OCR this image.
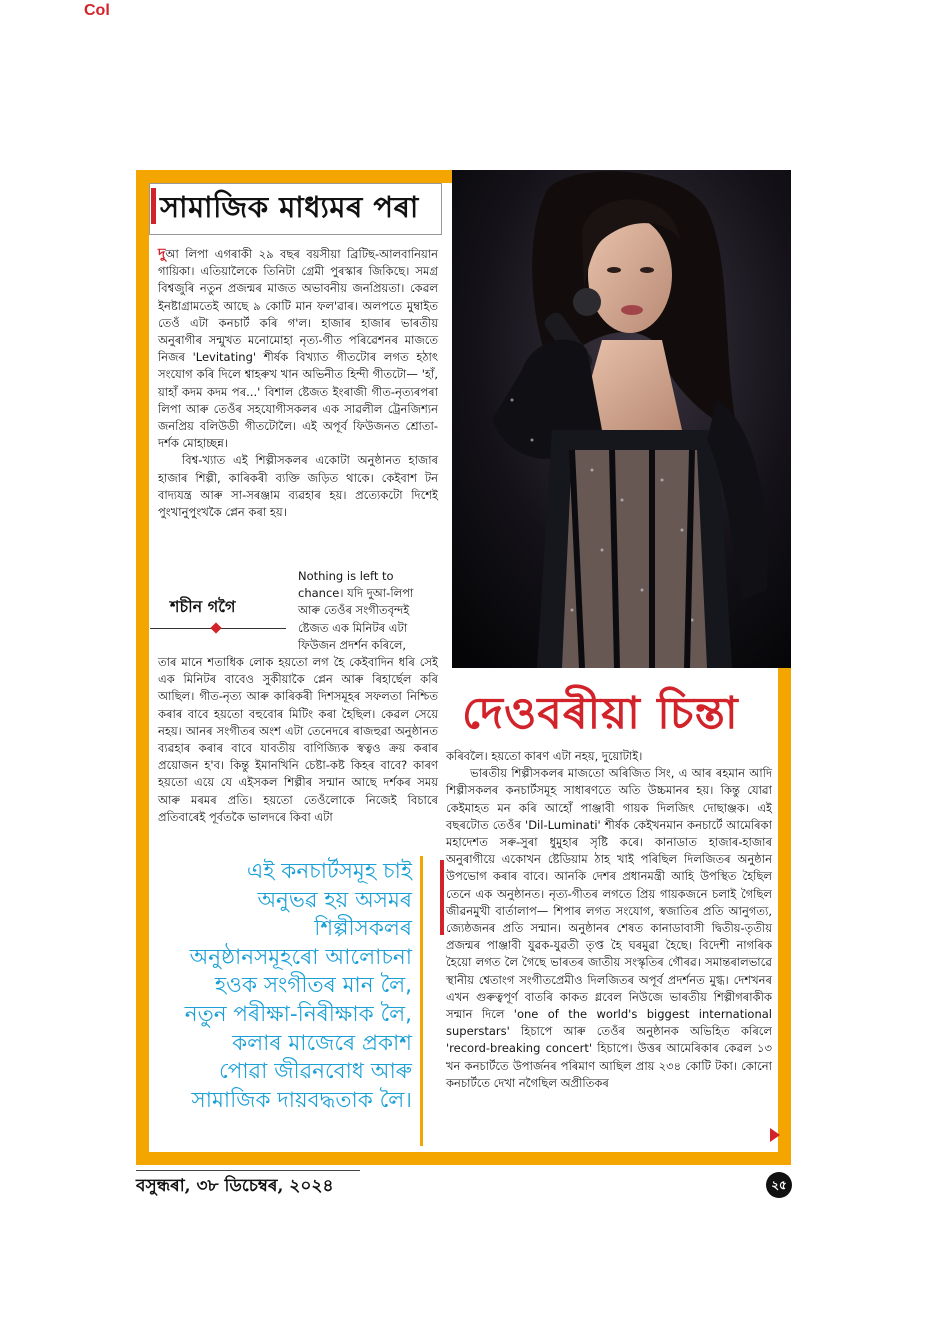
Col
সামাজিক মাধ্যমৰ পৰা

দুআ লিপা এগৰাকী ২৯ বছৰ বয়সীয়া ব্ৰিটিছ-আলবানিয়ান গায়িকা। এতিয়ালৈকে তিনিটা গ্ৰেমী পুৰস্কাৰ জিকিছে। সমগ্ৰ বিশ্বজুৰি নতুন প্ৰজন্মৰ মাজত অভাবনীয় জনপ্ৰিয়তা। কেৱল ইনষ্টাগ্ৰামতেই আছে ৯ কোটি মান ফল'ৱাৰ। অলপতে মুম্বাইত তেওঁ এটা কনচাৰ্ট কৰি গ'ল। হাজাৰ হাজাৰ ভাৰতীয় অনুৰাগীৰ সন্মুখত মনোমোহা নৃত্য-গীত পৰিৱেশনৰ মাজতে নিজৰ 'Levitating' শীৰ্ষক বিখ্যাত গীতটোৰ লগত হঠাৎ সংযোগ কৰি দিলে শ্বাহৰুখ খান অভিনীত হিন্দী গীতটো— 'হাঁ, য়াহাঁ কদম কদম পৰ...' বিশাল ষ্টেজত ইংৰাজী গীত-নৃত্যৰপৰা লিপা আৰু তেওঁৰ সহযোগীসকলৰ এক সাৱলীল ট্ৰেনজিশ্যন জনপ্ৰিয় বলিউডী গীতটোলৈ। এই অপূৰ্ব ফিউজনত শ্ৰোতা-দৰ্শক মোহাচ্ছন্ন।

বিশ্ব-খ্যাত এই শিল্পীসকলৰ একোটা অনুষ্ঠানত হাজাৰ হাজাৰ শিল্পী, কাৰিকৰী ব্যক্তি জড়িত থাকে। কেইবাশ টন বাদ্যযন্ত্ৰ আৰু সা-সৰঞ্জাম ব্যৱহাৰ হয়। প্ৰত্যেকটো দিশেই পুংখানুপুংখকৈ প্লেন কৰা হয়।

Nothing is left to chance। যদি দুআ-লিপা আৰু তেওঁৰ সংগীতবৃন্দই ষ্টেজত এক মিনিটৰ এটা ফিউজন প্ৰদৰ্শন কৰিলে,
শচীন গগৈ
তাৰ মানে শতাধিক লোক হয়তো লগ হৈ কেইবাদিন ধৰি সেই এক মিনিটৰ বাবেও সুকীয়াকৈ প্লেন আৰু ৰিহাৰ্ছেল কৰি আছিল। গীত-নৃত্য আৰু কাৰিকৰী দিশসমূহৰ সফলতা নিশ্চিত কৰাৰ বাবে হয়তো বহুবোৰ মিটিং কৰা হৈছিল। কেৱল সেয়ে নহয়। আনৰ সংগীতৰ অংশ এটা তেনেদৰে ৰাজহুৱা অনুষ্ঠানত ব্যৱহাৰ কৰাৰ বাবে যাবতীয় বাণিজ্যিক স্বত্বও ক্ৰয় কৰাৰ প্ৰয়োজন হ'ব। কিন্তু ইমানখিনি চেষ্টা-কষ্ট কিহৰ বাবে? কাৰণ হয়তো এয়ে যে এইসকল শিল্পীৰ সন্মান আছে দৰ্শকৰ সময় আৰু মৰমৰ প্ৰতি। হয়তো তেওঁলোকে নিজেই বিচাৰে প্ৰতিবাৰেই পূৰ্বতকৈ ভালদৰে কিবা এটা
দেওবৰীয়া চিন্তা

কৰিবলৈ। হয়তো কাৰণ এটা নহয়, দুয়োটাই।

ভাৰতীয় শিল্পীসকলৰ মাজতো অৰিজিত সিং, এ আৰ ৰহমান আদি শিল্পীসকলৰ কনচাৰ্টসমূহ সাধাৰণতে অতি উচ্চমানৰ হয়। কিন্তু যোৱা কেইমাহত মন কৰি আহোঁ পাঞ্জাবী গায়ক দিলজিৎ দোছাঞ্জক। এই বছৰটোত তেওঁৰ 'Dil-Luminati' শীৰ্ষক কেইখনমান কনচাৰ্টে আমেৰিকা মহাদেশত সৰু-সুৰা ধুমুহাৰ সৃষ্টি কৰে। কানাডাত হাজাৰ-হাজাৰ অনুৰাগীয়ে একোখন ষ্টেডিয়াম ঠাহ খাই পৰিছিল দিলজিতৰ অনুষ্ঠান উপভোগ কৰাৰ বাবে। আনকি দেশৰ প্ৰধানমন্ত্ৰী আহি উপস্থিত হৈছিল তেনে এক অনুষ্ঠানত। নৃত্য-গীতৰ লগতে প্ৰিয় গায়কজনে চলাই গৈছিল জীৱনমুখী বাৰ্তালাপ— শিপাৰ লগত সংযোগ, স্বজাতিৰ প্ৰতি আনুগত্য, জ্যেষ্ঠজনৰ প্ৰতি সন্মান। অনুষ্ঠানৰ শেষত কানাডাবাসী দ্বিতীয়-তৃতীয় প্ৰজন্মৰ পাঞ্জাবী যুৱক-যুৱতী তৃপ্ত হৈ ঘৰমুৱা হৈছে। বিদেশী নাগৰিক হৈয়ো লগত লৈ গৈছে ভাৰতৰ জাতীয় সংস্কৃতিৰ গৌৰৱ। সমান্তৰালভাৱে স্থানীয় শ্বেতাংগ সংগীতপ্ৰেমীও দিলজিতৰ অপূৰ্ব প্ৰদৰ্শনত মুগ্ধ। দেশখনৰ এখন গুৰুত্বপূৰ্ণ বাতৰি কাকত গ্লবেল নিউজে ভাৰতীয় শিল্পীগৰাকীক সন্মান দিলে 'one of the world's biggest international superstars' হিচাপে আৰু তেওঁৰ অনুষ্ঠানক অভিহিত কৰিলে 'record-breaking concert' হিচাপে। উত্তৰ আমেৰিকাৰ কেৱল ১৩ খন কনচাৰ্টতে উপাৰ্জনৰ পৰিমাণ আছিল প্ৰায় ২৩৪ কোটি টকা। কোনো কনচাৰ্টতে দেখা নগৈছিল অপ্ৰীতিকৰ

এই কনচাৰ্টসমূহ চাই

অনুভৱ হয় অসমৰ

শিল্পীসকলৰ

অনুষ্ঠানসমূহৰো আলোচনা

হওক সংগীতৰ মান লৈ,

নতুন পৰীক্ষা-নিৰীক্ষাক লৈ,

কলাৰ মাজেৰে প্ৰকাশ

পোৱা জীৱনবোধ আৰু

সামাজিক দায়বদ্ধতাক লৈ।

বসুন্ধৰা, ৩৮ ডিচেম্বৰ, ২০২৪	২৫
